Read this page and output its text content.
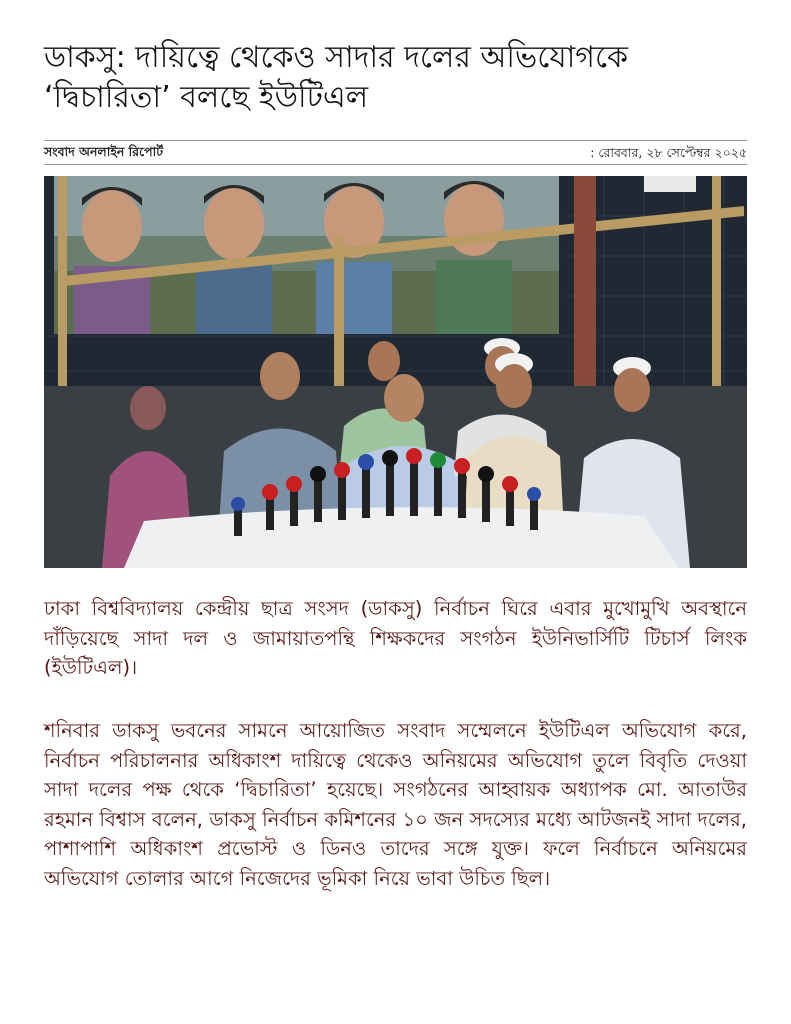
ডাকসু: দায়িত্বে থেকেও সাদার দলের অভিযোগকে ‘দ্বিচারিতা’ বলছে ইউটিএল
সংবাদ অনলাইন রিপোর্ট	: রোববার, ২৮ সেপ্টেম্বর ২০২৫

ঢাকা বিশ্ববিদ্যালয় কেন্দ্রীয় ছাত্র সংসদ (ডাকসু) নির্বাচন ঘিরে এবার মুখোমুখি অবস্থানে দাঁড়িয়েছে সাদা দল ও জামায়াতপন্থি শিক্ষকদের সংগঠন ইউনিভার্সিটি টিচার্স লিংক (ইউটিএল)।

শনিবার ডাকসু ভবনের সামনে আয়োজিত সংবাদ সম্মেলনে ইউটিএল অভিযোগ করে, নির্বাচন পরিচালনার অধিকাংশ দায়িত্বে থেকেও অনিয়মের অভিযোগ তুলে বিবৃতি দেওয়া সাদা দলের পক্ষ থেকে ‘দ্বিচারিতা’ হয়েছে। সংগঠনের আহ্বায়ক অধ্যাপক মো. আতাউর রহমান বিশ্বাস বলেন, ডাকসু নির্বাচন কমিশনের ১০ জন সদস্যের মধ্যে আটজনই সাদা দলের, পাশাপাশি অধিকাংশ প্রভোস্ট ও ডিনও তাদের সঙ্গে যুক্ত। ফলে নির্বাচনে অনিয়মের অভিযোগ তোলার আগে নিজেদের ভূমিকা নিয়ে ভাবা উচিত ছিল।
